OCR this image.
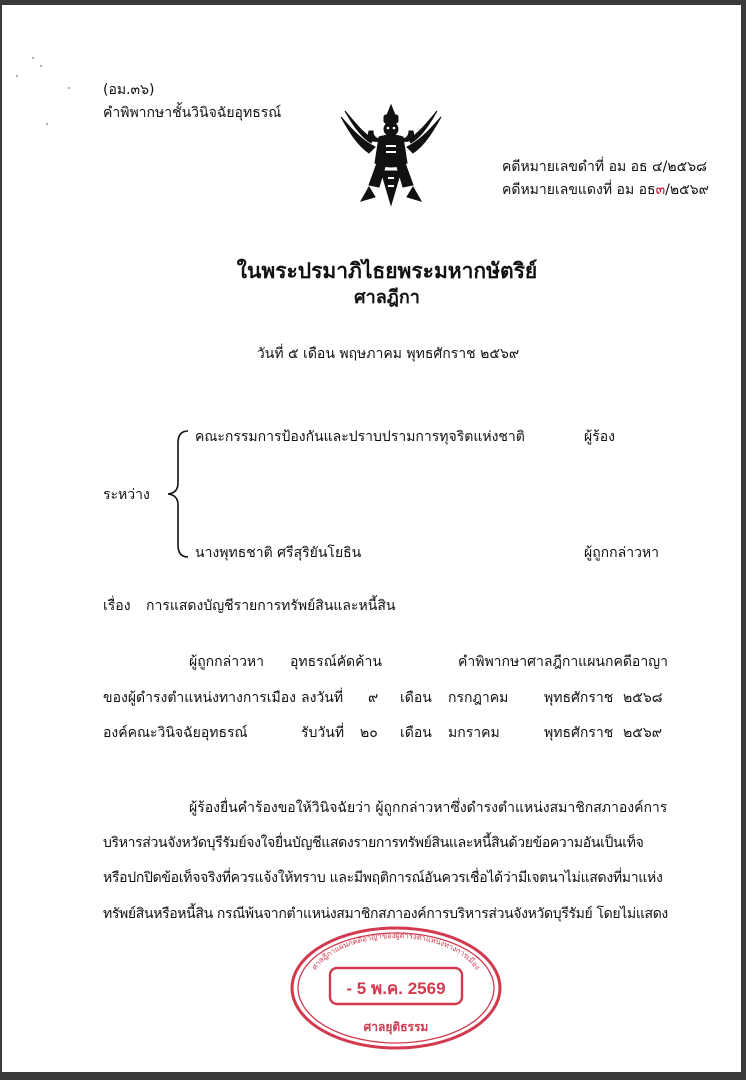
(อม.๓๖)
คำพิพากษาชั้นวินิจฉัยอุทธรณ์
คดีหมายเลขดำที่ อม อธ ๔/๒๕๖๘
คดีหมายเลขแดงที่ อม อธ๓/๒๕๖๙
ในพระปรมาภิไธยพระมหากษัตริย์
ศาลฎีกา
วันที่ ๕ เดือน พฤษภาคม พุทธศักราช ๒๕๖๙
คณะกรรมการป้องกันและปราบปรามการทุจริตแห่งชาติ	ผู้ร้อง
ระหว่าง
นางพุทธชาติ ศรีสุริยันโยธิน	ผู้ถูกกล่าวหา
เรื่อง การแสดงบัญชีรายการทรัพย์สินและหนี้สิน
ผู้ถูกกล่าวหา อุทธรณ์คัดค้าน	คำพิพากษาศาลฎีกาแผนกคดีอาญา
ของผู้ดำรงตำแหน่งทางการเมือง ลงวันที่ ๙ เดือน กรกฎาคม	พุทธศักราช ๒๕๖๘
องค์คณะวินิจฉัยอุทธรณ์	รับวันที่ ๒๐ เดือน มกราคม	พุทธศักราช ๒๕๖๙
ผู้ร้องยื่นคำร้องขอให้วินิจฉัยว่า ผู้ถูกกล่าวหาซึ่งดำรงตำแหน่งสมาชิกสภาองค์การ
บริหารส่วนจังหวัดบุรีรัมย์จงใจยื่นบัญชีแสดงรายการทรัพย์สินและหนี้สินด้วยข้อความอันเป็นเท็จ
หรือปกปิดข้อเท็จจริงที่ควรแจ้งให้ทราบ และมีพฤติการณ์อันควรเชื่อได้ว่ามีเจตนาไม่แสดงที่มาแห่ง
ทรัพย์สินหรือหนี้สิน กรณีพ้นจากตำแหน่งสมาชิกสภาองค์การบริหารส่วนจังหวัดบุรีรัมย์ โดยไม่แสดง
ศาลฎีกาแผนกคดีอาญาของผู้ดำรงตำแหน่งทางการเมือง
- 5 พ.ค. 2569
ศาลยุติธรรม
